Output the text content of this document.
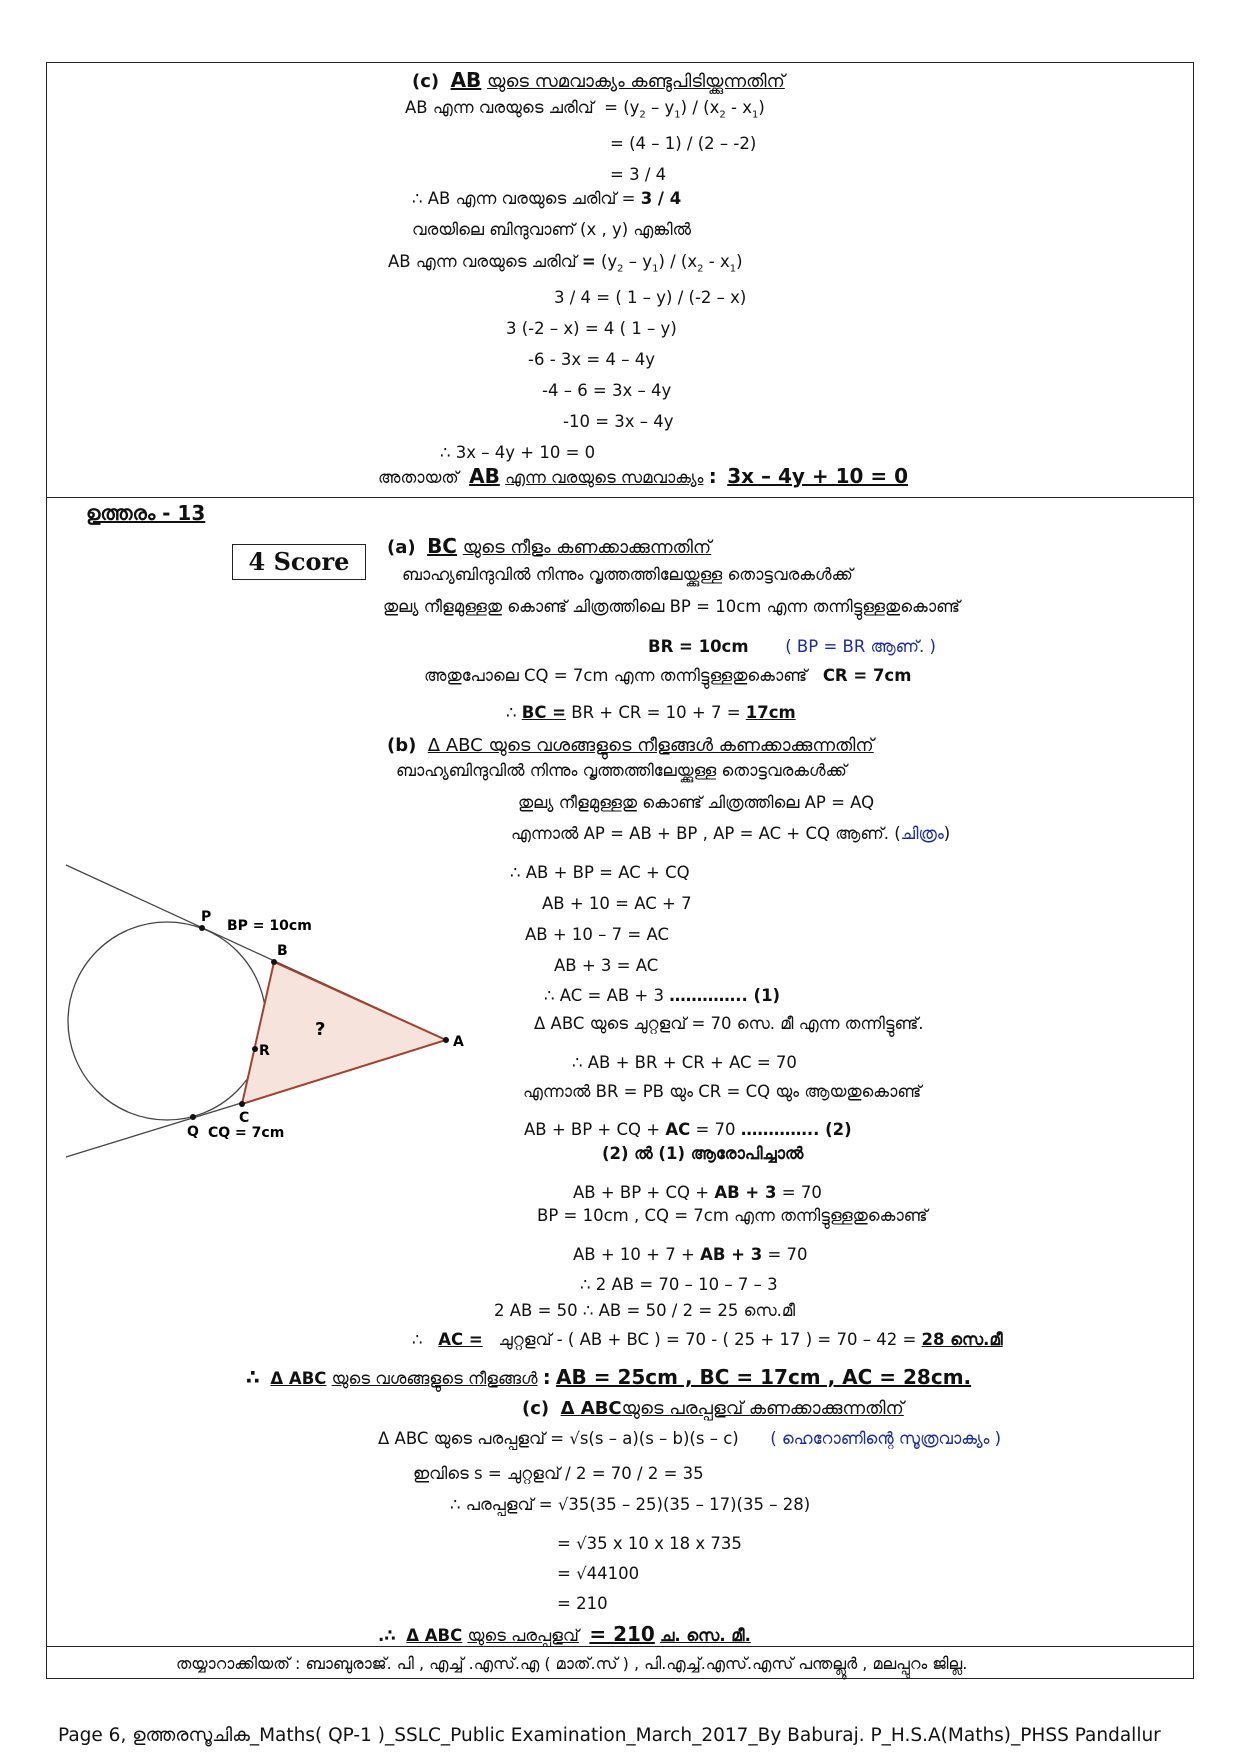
(c) AB യുടെ സമവാക്യം കണ്ടുപിടിയ്ക്കുന്നതിന്
AB എന്ന വരയുടെ ചരിവ്  = $(y_2 - y_1) / (x_2 - x_1)$
= (4 – 1) / (2 – -2)
= 3 / 4
∴ AB എന്ന വരയുടെ ചരിവ് = 3 / 4
വരയിലെ ബിന്ദുവാണ് (x , y) എങ്കിൽ
AB എന്ന വരയുടെ ചരിവ് = $(y_2 - y_1) / (x_2 - x_1)$
3 / 4 = ( 1 – y) / (-2 – x)
3 (-2 – x) = 4 ( 1 – y)
-6 - 3x = 4 – 4y
-4 – 6 = 3x – 4y
-10 = 3x – 4y
∴ 3x – 4y + 10 = 0
അതായത് AB എന്ന വരയുടെ സമവാക്യം : 3x – 4y + 10 = 0
ഉത്തരം - 13
4 Score	(a) BC യുടെ നീളം കണക്കാക്കുന്നതിന്
ബാഹ്യബിന്ദുവിൽ നിന്നും വൃത്തത്തിലേയ്ക്കുള്ള തൊട്ടവരകൾക്ക്
തുല്യ നീളമുള്ളതു കൊണ്ട് ചിത്രത്തിലെ BP = 10cm എന്ന തന്നിട്ടുള്ളതുകൊണ്ട്
BR = 10cm ( BP = BR ആണ്. )
അതുപോലെ CQ = 7cm എന്ന തന്നിട്ടുള്ളതുകൊണ്ട് CR = 7cm
∴ BC = BR + CR = 10 + 7 = 17cm
(b) Δ ABC യുടെ വശങ്ങളുടെ നീളങ്ങൾ കണക്കാക്കുന്നതിന്
ബാഹ്യബിന്ദുവിൽ നിന്നും വൃത്തത്തിലേയ്ക്കുള്ള തൊട്ടവരകൾക്ക്
തുല്യ നീളമുള്ളതു കൊണ്ട് ചിത്രത്തിലെ AP = AQ
എന്നാൽ AP = AB + BP , AP = AC + CQ ആണ്. (ചിത്രം)
∴ AB + BP = AC + CQ
AB + 10 = AC + 7
AB + 10 – 7 = AC
AB + 3 = AC
∴ AC = AB + 3 ………….. (1)
Δ ABC യുടെ ചുറ്റളവ് = 70 സെ. മീ എന്ന തന്നിട്ടുണ്ട്.
∴ AB + BR + CR + AC = 70
എന്നാൽ BR = PB യും CR = CQ യും ആയതുകൊണ്ട്
AB + BP + CQ + AC = 70 ………….. (2)
(2) ൽ (1) ആരോപിച്ചാൽ
AB + BP + CQ + AB + 3 = 70
BP = 10cm , CQ = 7cm എന്ന തന്നിട്ടുള്ളതുകൊണ്ട്
AB + 10 + 7 + AB + 3 = 70
∴ 2 AB = 70 – 10 – 7 – 3
2 AB = 50 ∴ AB = 50 / 2 = 25 സെ.മീ
∴ AC = ചുറ്റളവ് - ( AB + BC ) = 70 - ( 25 + 17 ) = 70 – 42 = 28 സെ.മീ
∴ Δ ABC യുടെ വശങ്ങളുടെ നീളങ്ങൾ : AB = 25cm , BC = 17cm , AC = 28cm.
(c) Δ ABCയുടെ പരപ്പളവ് കണക്കാക്കുന്നതിന്
Δ ABC യുടെ പരപ്പളവ് = √s(s – a)(s – b)(s – c) ( ഹെറോണിന്റെ സൂത്രവാക്യം )
ഇവിടെ s = ചുറ്റളവ് / 2 = 70 / 2 = 35
∴ പരപ്പളവ് = √35(35 – 25)(35 – 17)(35 – 28)
= √35 x 10 x 18 x 735
= √44100
= 210
.∴ Δ ABC യുടെ പരപ്പളവ് = 210 ച. സെ. മീ.
തയ്യാറാക്കിയത് : ബാബുരാജ്. പി , എച്ച് .എസ്.എ ( മാത്.സ് ) , പി.എച്ച്.എസ്.എസ് പന്തല്ലൂർ , മലപ്പുറം ജില്ല.
Page 6, ഉത്തരസൂചിക_Maths( QP-1 )_SSLC_Public Examination_March_2017_By Baburaj. P_H.S.A(Maths)_PHSS Pandallur
P
BP = 10cm
B
?
R
A
C
Q CQ = 7cm
